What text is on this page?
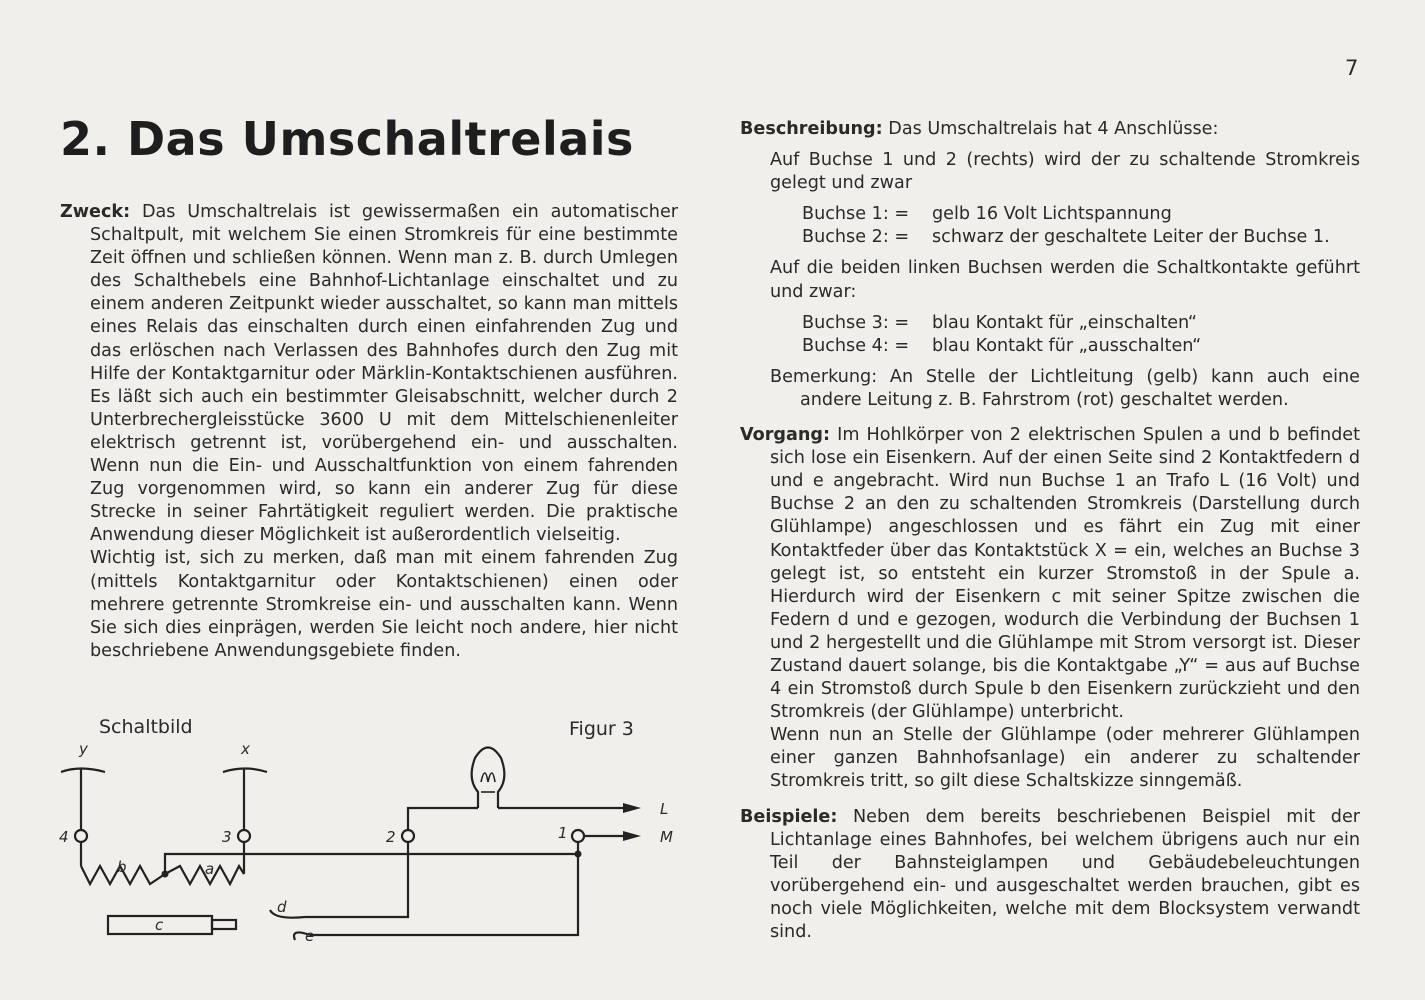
7
2. Das Umschaltrelais

Zweck: Das Umschaltrelais ist gewissermaßen ein automatischer Schaltpult, mit welchem Sie einen Stromkreis für eine bestimmte Zeit öffnen und schließen können. Wenn man z. B. durch Umlegen des Schalthebels eine Bahnhof-Lichtanlage einschaltet und zu einem anderen Zeitpunkt wieder ausschaltet, so kann man mittels eines Relais das einschalten durch einen einfahrenden Zug und das erlöschen nach Verlassen des Bahnhofes durch den Zug mit Hilfe der Kontaktgarnitur oder Märklin-Kontaktschienen ausführen. Es läßt sich auch ein bestimmter Gleisabschnitt, welcher durch 2 Unterbrechergleisstücke 3600 U mit dem Mittelschienenleiter elektrisch getrennt ist, vorübergehend ein- und ausschalten. Wenn nun die Ein- und Ausschaltfunktion von einem fahrenden Zug vorgenommen wird, so kann ein anderer Zug für diese Strecke in seiner Fahrtätigkeit reguliert werden. Die praktische Anwendung dieser Möglichkeit ist außerordentlich vielseitig.

Wichtig ist, sich zu merken, daß man mit einem fahrenden Zug (mittels Kontaktgarnitur oder Kontaktschienen) einen oder mehrere getrennte Stromkreise ein- und ausschalten kann. Wenn Sie sich dies einprägen, werden Sie leicht noch andere, hier nicht beschriebene Anwendungsgebiete finden.

Schaltbild	Figur 3
y	x
4	3	2	1
b	a
c
d
e
L
M

Beschreibung: Das Umschaltrelais hat 4 Anschlüsse:

Auf Buchse 1 und 2 (rechts) wird der zu schaltende Stromkreis gelegt und zwar

Buchse 1: = gelb 16 Volt Lichtspannung

Buchse 2: = schwarz der geschaltete Leiter der Buchse 1.

Auf die beiden linken Buchsen werden die Schaltkontakte geführt und zwar:

Buchse 3: = blau Kontakt für „einschalten“

Buchse 4: = blau Kontakt für „ausschalten“

Bemerkung: An Stelle der Lichtleitung (gelb) kann auch eine andere Leitung z. B. Fahrstrom (rot) geschaltet werden.

Vorgang: Im Hohlkörper von 2 elektrischen Spulen a und b befindet sich lose ein Eisenkern. Auf der einen Seite sind 2 Kontaktfedern d und e angebracht. Wird nun Buchse 1 an Trafo L (16 Volt) und Buchse 2 an den zu schaltenden Stromkreis (Darstellung durch Glühlampe) angeschlossen und es fährt ein Zug mit einer Kontaktfeder über das Kontaktstück X = ein, welches an Buchse 3 gelegt ist, so entsteht ein kurzer Stromstoß in der Spule a. Hierdurch wird der Eisenkern c mit seiner Spitze zwischen die Federn d und e gezogen, wodurch die Verbindung der Buchsen 1 und 2 hergestellt und die Glühlampe mit Strom versorgt ist. Dieser Zustand dauert solange, bis die Kontaktgabe „Y“ = aus auf Buchse 4 ein Stromstoß durch Spule b den Eisenkern zurückzieht und den Stromkreis (der Glühlampe) unterbricht.

Wenn nun an Stelle der Glühlampe (oder mehrerer Glühlampen einer ganzen Bahnhofsanlage) ein anderer zu schaltender Stromkreis tritt, so gilt diese Schaltskizze sinngemäß.

Beispiele: Neben dem bereits beschriebenen Beispiel mit der Lichtanlage eines Bahnhofes, bei welchem übrigens auch nur ein Teil der Bahnsteiglampen und Gebäudebeleuchtungen vorübergehend ein- und ausgeschaltet werden brauchen, gibt es noch viele Möglichkeiten, welche mit dem Blocksystem verwandt sind.
